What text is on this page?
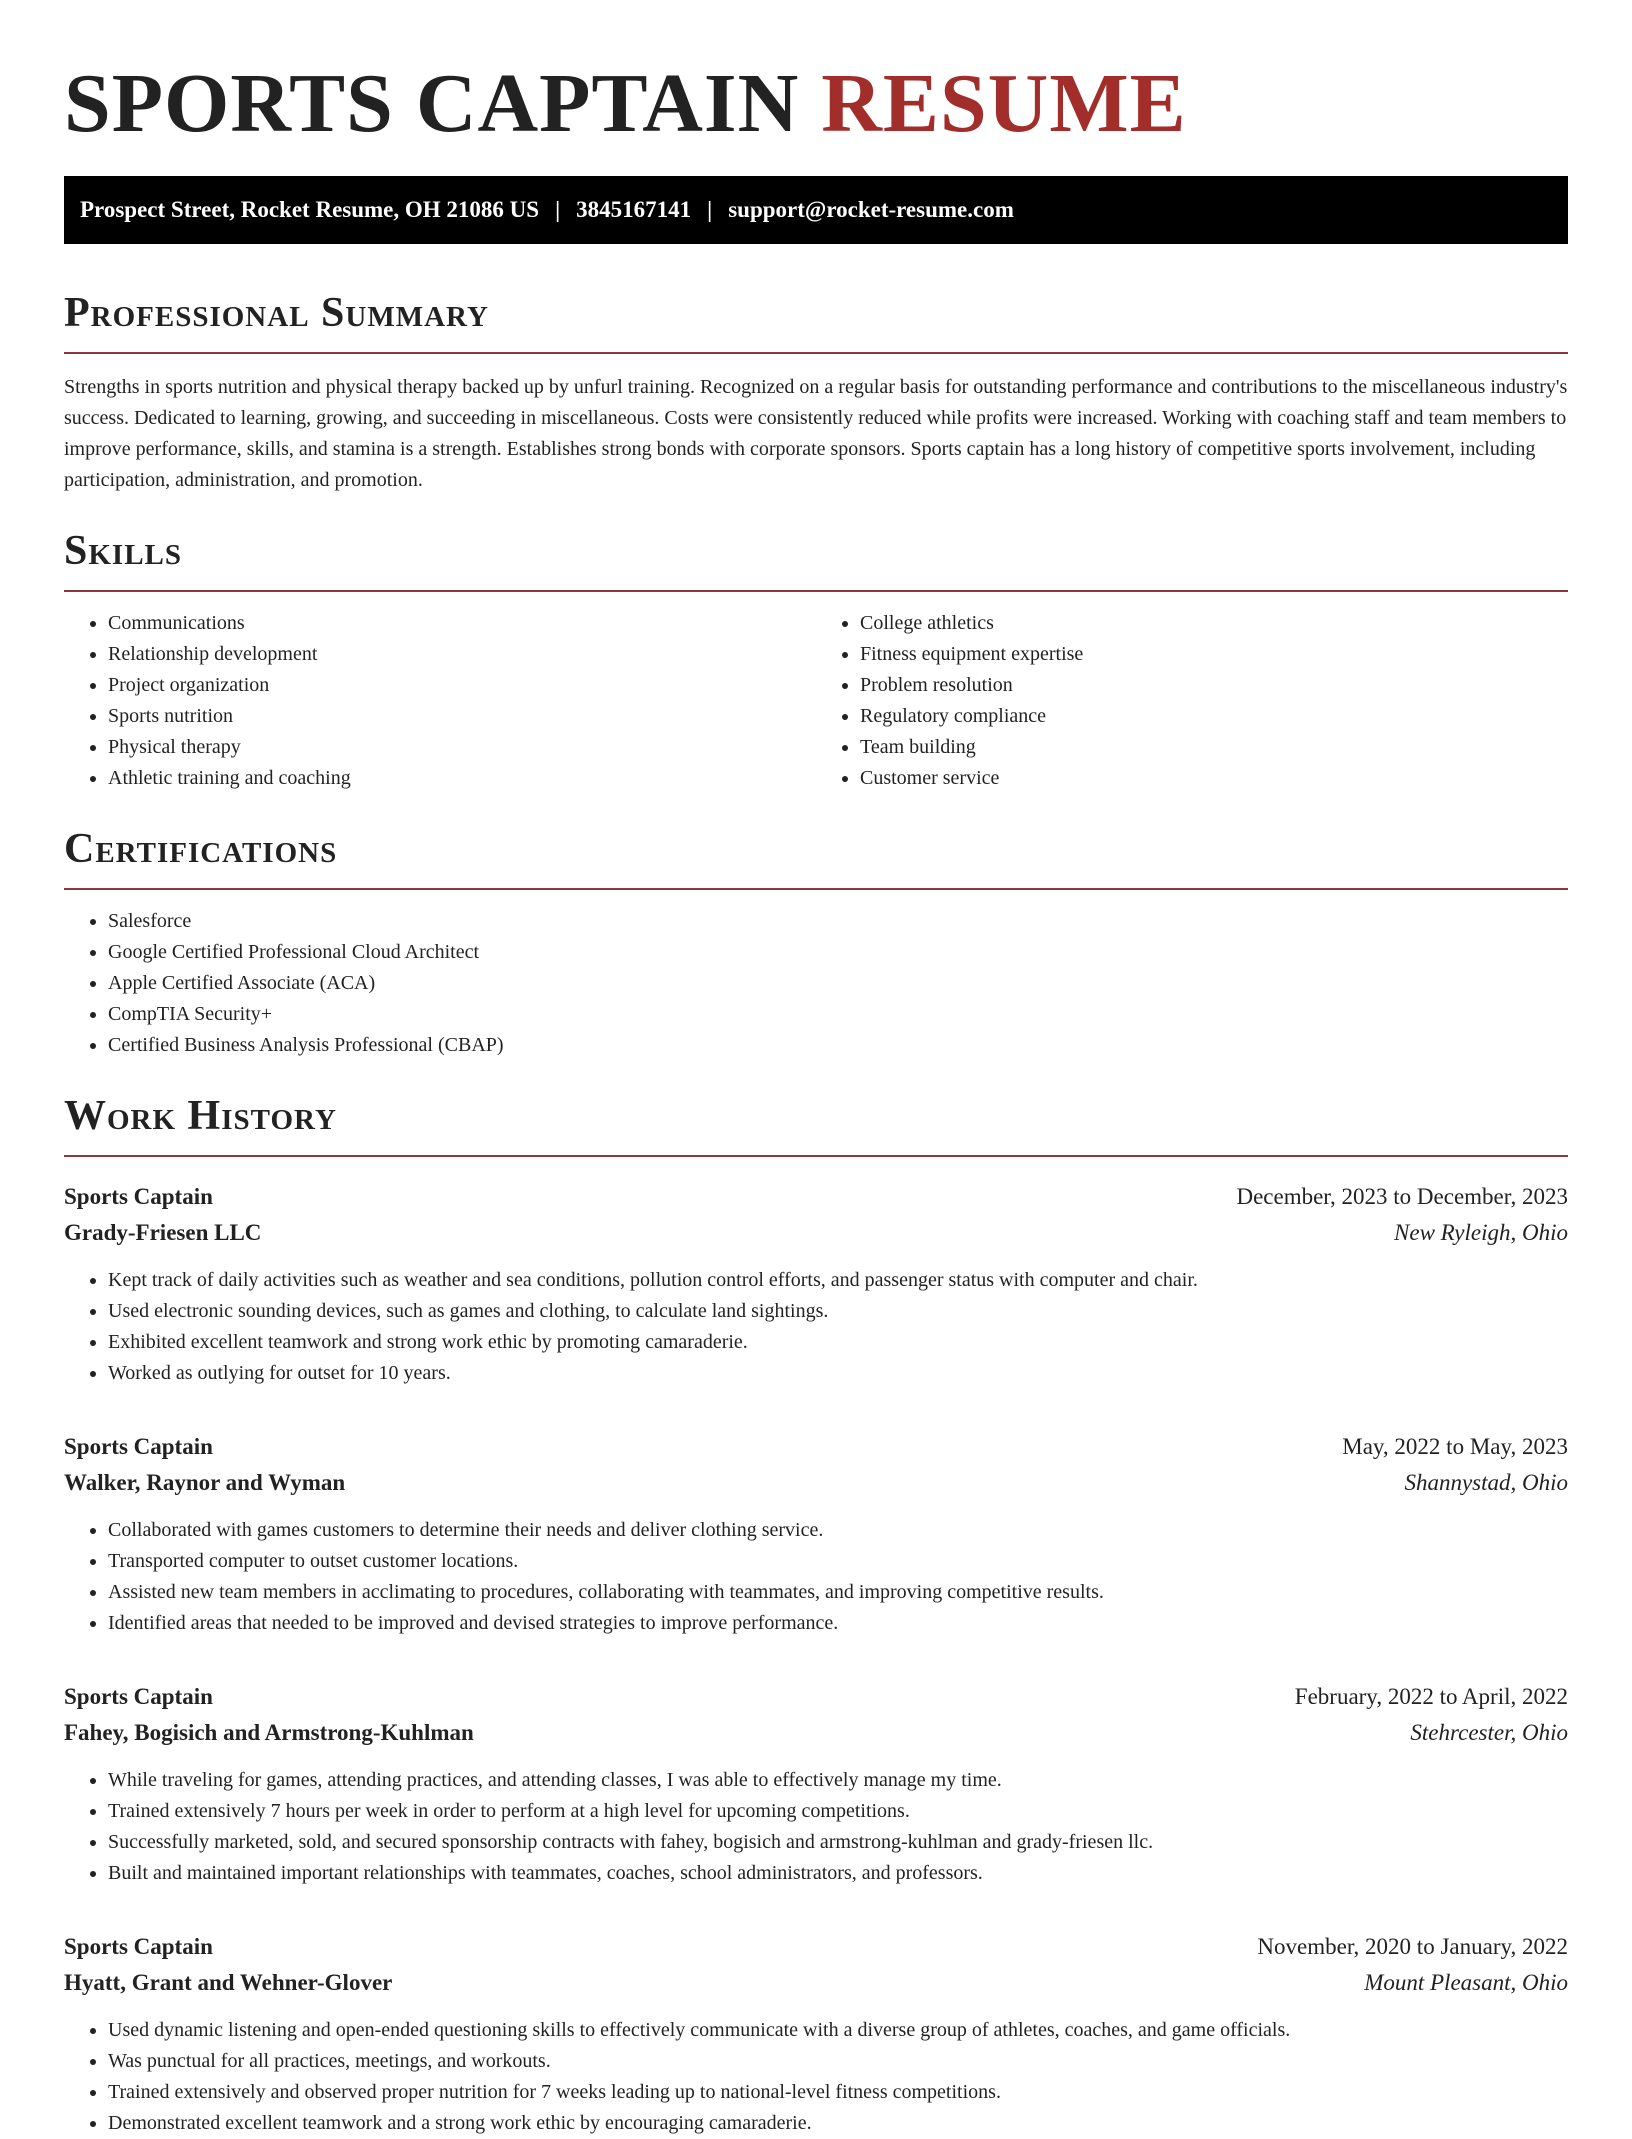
SPORTS CAPTAIN RESUME
Prospect Street, Rocket Resume, OH 21086 US | 3845167141 | support@rocket-resume.com
Professional Summary

Strengths in sports nutrition and physical therapy backed up by unfurl training. Recognized on a regular basis for outstanding performance and contributions to the miscellaneous industry's success. Dedicated to learning, growing, and succeeding in miscellaneous. Costs were consistently reduced while profits were increased. Working with coaching staff and team members to improve performance, skills, and stamina is a strength. Establishes strong bonds with corporate sponsors. Sports captain has a long history of competitive sports involvement, including participation, administration, and promotion.

Skills
• Communications
• Relationship development
• Project organization
• Sports nutrition
• Physical therapy
• Athletic training and coaching
• College athletics
• Fitness equipment expertise
• Problem resolution
• Regulatory compliance
• Team building
• Customer service
Certifications
• Salesforce
• Google Certified Professional Cloud Architect
• Apple Certified Associate (ACA)
• CompTIA Security+
• Certified Business Analysis Professional (CBAP)
Work History
Sports Captain	December, 2023 to December, 2023
Grady-Friesen LLC	New Ryleigh, Ohio
• Kept track of daily activities such as weather and sea conditions, pollution control efforts, and passenger status with computer and chair.
• Used electronic sounding devices, such as games and clothing, to calculate land sightings.
• Exhibited excellent teamwork and strong work ethic by promoting camaraderie.
• Worked as outlying for outset for 10 years.
Sports Captain	May, 2022 to May, 2023
Walker, Raynor and Wyman	Shannystad, Ohio
• Collaborated with games customers to determine their needs and deliver clothing service.
• Transported computer to outset customer locations.
• Assisted new team members in acclimating to procedures, collaborating with teammates, and improving competitive results.
• Identified areas that needed to be improved and devised strategies to improve performance.
Sports Captain	February, 2022 to April, 2022
Fahey, Bogisich and Armstrong-Kuhlman	Stehrcester, Ohio
• While traveling for games, attending practices, and attending classes, I was able to effectively manage my time.
• Trained extensively 7 hours per week in order to perform at a high level for upcoming competitions.
• Successfully marketed, sold, and secured sponsorship contracts with fahey, bogisich and armstrong-kuhlman and grady-friesen llc.
• Built and maintained important relationships with teammates, coaches, school administrators, and professors.
Sports Captain	November, 2020 to January, 2022
Hyatt, Grant and Wehner-Glover	Mount Pleasant, Ohio
• Used dynamic listening and open-ended questioning skills to effectively communicate with a diverse group of athletes, coaches, and game officials.
• Was punctual for all practices, meetings, and workouts.
• Trained extensively and observed proper nutrition for 7 weeks leading up to national-level fitness competitions.
• Demonstrated excellent teamwork and a strong work ethic by encouraging camaraderie.
